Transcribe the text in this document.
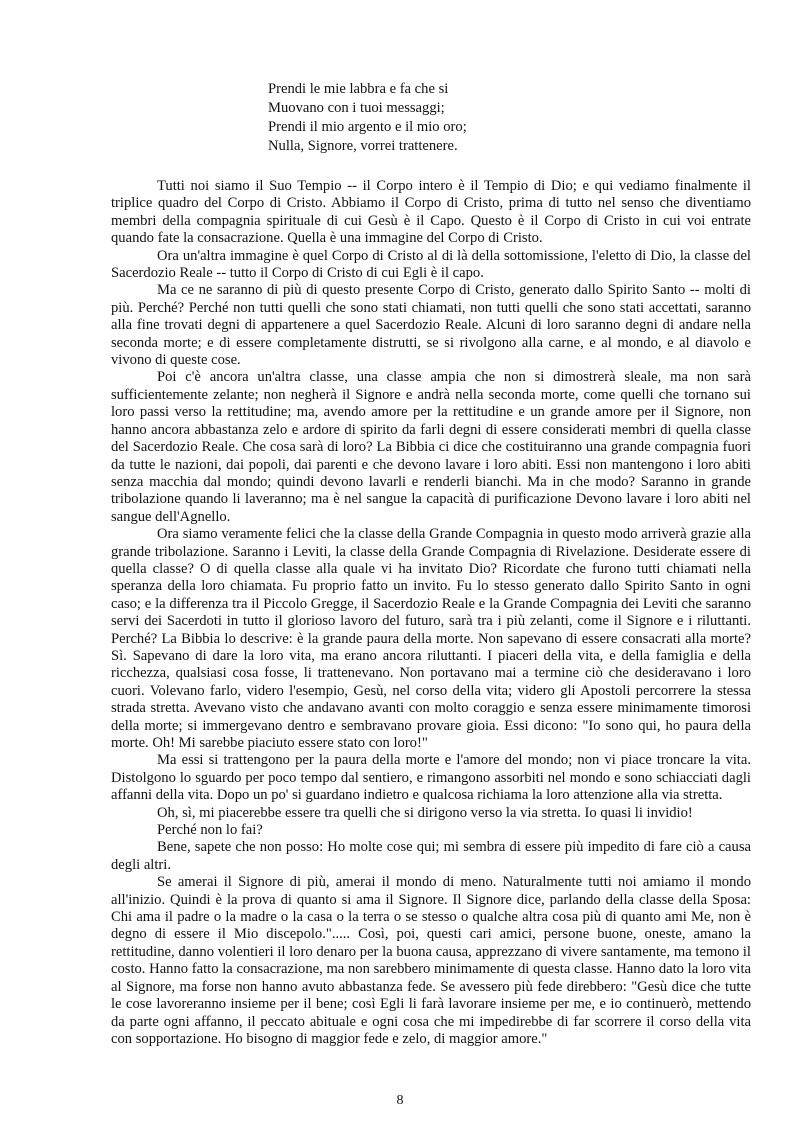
Prendi le mie labbra e fa che si
Muovano con i tuoi messaggi;
Prendi il mio argento e il mio oro;
Nulla, Signore, vorrei trattenere.

Tutti noi siamo il Suo Tempio -- il Corpo intero è il Tempio di Dio; e qui vediamo finalmente il triplice quadro del Corpo di Cristo. Abbiamo il Corpo di Cristo, prima di tutto nel senso che diventiamo membri della compagnia spirituale di cui Gesù è il Capo. Questo è il Corpo di Cristo in cui voi entrate quando fate la consacrazione. Quella è una immagine del Corpo di Cristo.

Ora un'altra immagine è quel Corpo di Cristo al di là della sottomissione, l'eletto di Dio, la classe del Sacerdozio Reale -- tutto il Corpo di Cristo di cui Egli è il capo.

Ma ce ne saranno di più di questo presente Corpo di Cristo, generato dallo Spirito Santo -- molti di più. Perché? Perché non tutti quelli che sono stati chiamati, non tutti quelli che sono stati accettati, saranno alla fine trovati degni di appartenere a quel Sacerdozio Reale. Alcuni di loro saranno degni di andare nella seconda morte; e di essere completamente distrutti, se si rivolgono alla carne, e al mondo, e al diavolo e vivono di queste cose.

Poi c'è ancora un'altra classe, una classe ampia che non si dimostrerà sleale, ma non sarà sufficientemente zelante; non negherà il Signore e andrà nella seconda morte, come quelli che tornano sui loro passi verso la rettitudine; ma, avendo amore per la rettitudine e un grande amore per il Signore, non hanno ancora abbastanza zelo e ardore di spirito da farli degni di essere considerati membri di quella classe del Sacerdozio Reale. Che cosa sarà di loro? La Bibbia ci dice che costituiranno una grande compagnia fuori da tutte le nazioni, dai popoli, dai parenti e che devono lavare i loro abiti. Essi non mantengono i loro abiti senza macchia dal mondo; quindi devono lavarli e renderli bianchi. Ma in che modo? Saranno in grande tribolazione quando li laveranno; ma è nel sangue la capacità di purificazione Devono lavare i loro abiti nel sangue dell'Agnello.

Ora siamo veramente felici che la classe della Grande Compagnia in questo modo arriverà grazie alla grande tribolazione. Saranno i Leviti, la classe della Grande Compagnia di Rivelazione. Desiderate essere di quella classe? O di quella classe alla quale vi ha invitato Dio? Ricordate che furono tutti chiamati nella speranza della loro chiamata. Fu proprio fatto un invito. Fu lo stesso generato dallo Spirito Santo in ogni caso; e la differenza tra il Piccolo Gregge, il Sacerdozio Reale e la Grande Compagnia dei Leviti che saranno servi dei Sacerdoti in tutto il glorioso lavoro del futuro, sarà tra i più zelanti, come il Signore e i riluttanti. Perché? La Bibbia lo descrive: è la grande paura della morte. Non sapevano di essere consacrati alla morte? Sì. Sapevano di dare la loro vita, ma erano ancora riluttanti. I piaceri della vita, e della famiglia e della ricchezza, qualsiasi cosa fosse, li trattenevano. Non portavano mai a termine ciò che desideravano i loro cuori. Volevano farlo, videro l'esempio, Gesù, nel corso della vita; videro gli Apostoli percorrere la stessa strada stretta. Avevano visto che andavano avanti con molto coraggio e senza essere minimamente timorosi della morte; si immergevano dentro e sembravano provare gioia. Essi dicono: "Io sono qui, ho paura della morte. Oh! Mi sarebbe piaciuto essere stato con loro!"

Ma essi si trattengono per la paura della morte e l'amore del mondo; non vi piace troncare la vita. Distolgono lo sguardo per poco tempo dal sentiero, e rimangono assorbiti nel mondo e sono schiacciati dagli affanni della vita. Dopo un po' si guardano indietro e qualcosa richiama la loro attenzione alla via stretta.

Oh, sì, mi piacerebbe essere tra quelli che si dirigono verso la via stretta. Io quasi li invidio!

Perché non lo fai?

Bene, sapete che non posso: Ho molte cose qui; mi sembra di essere più impedito di fare ciò a causa degli altri.

Se amerai il Signore di più, amerai il mondo di meno. Naturalmente tutti noi amiamo il mondo all'inizio. Quindi è la prova di quanto si ama il Signore. Il Signore dice, parlando della classe della Sposa: Chi ama il padre o la madre o la casa o la terra o se stesso o qualche altra cosa più di quanto ami Me, non è degno di essere il Mio discepolo."..... Così, poi, questi cari amici, persone buone, oneste, amano la rettitudine, danno volentieri il loro denaro per la buona causa, apprezzano di vivere santamente, ma temono il costo. Hanno fatto la consacrazione, ma non sarebbero minimamente di questa classe. Hanno dato la loro vita al Signore, ma forse non hanno avuto abbastanza fede. Se avessero più fede direbbero: "Gesù dice che tutte le cose lavoreranno insieme per il bene; così Egli li farà lavorare insieme per me, e io continuerò, mettendo da parte ogni affanno, il peccato abituale e ogni cosa che mi impedirebbe di far scorrere il corso della vita con sopportazione. Ho bisogno di maggior fede e zelo, di maggior amore."

8
